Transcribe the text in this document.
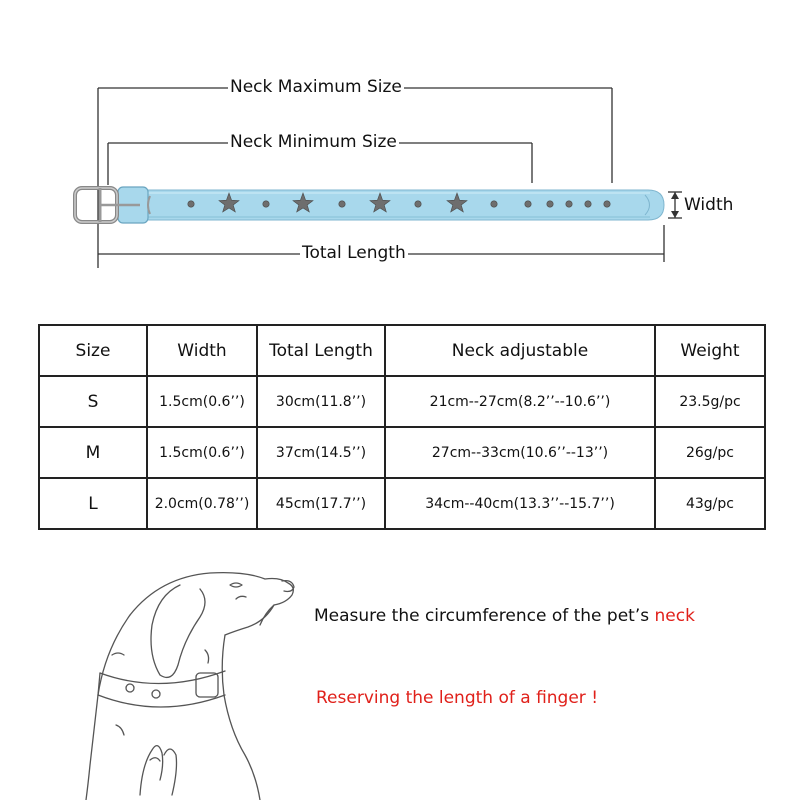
Neck Maximum Size
Neck Minimum Size
Width
Total Length
Size	Width	Total Length	Neck adjustable	Weight
S	1.5cm(0.6’’)	30cm(11.8’’)	21cm--27cm(8.2’’--10.6’’)	23.5g/pc
M	1.5cm(0.6’’)	37cm(14.5’’)	27cm--33cm(10.6’’--13’’)	26g/pc
L	2.0cm(0.78’’)	45cm(17.7’’)	34cm--40cm(13.3’’--15.7’’)	43g/pc
Measure the circumference of the pet’s neck
Reserving the length of a finger !
